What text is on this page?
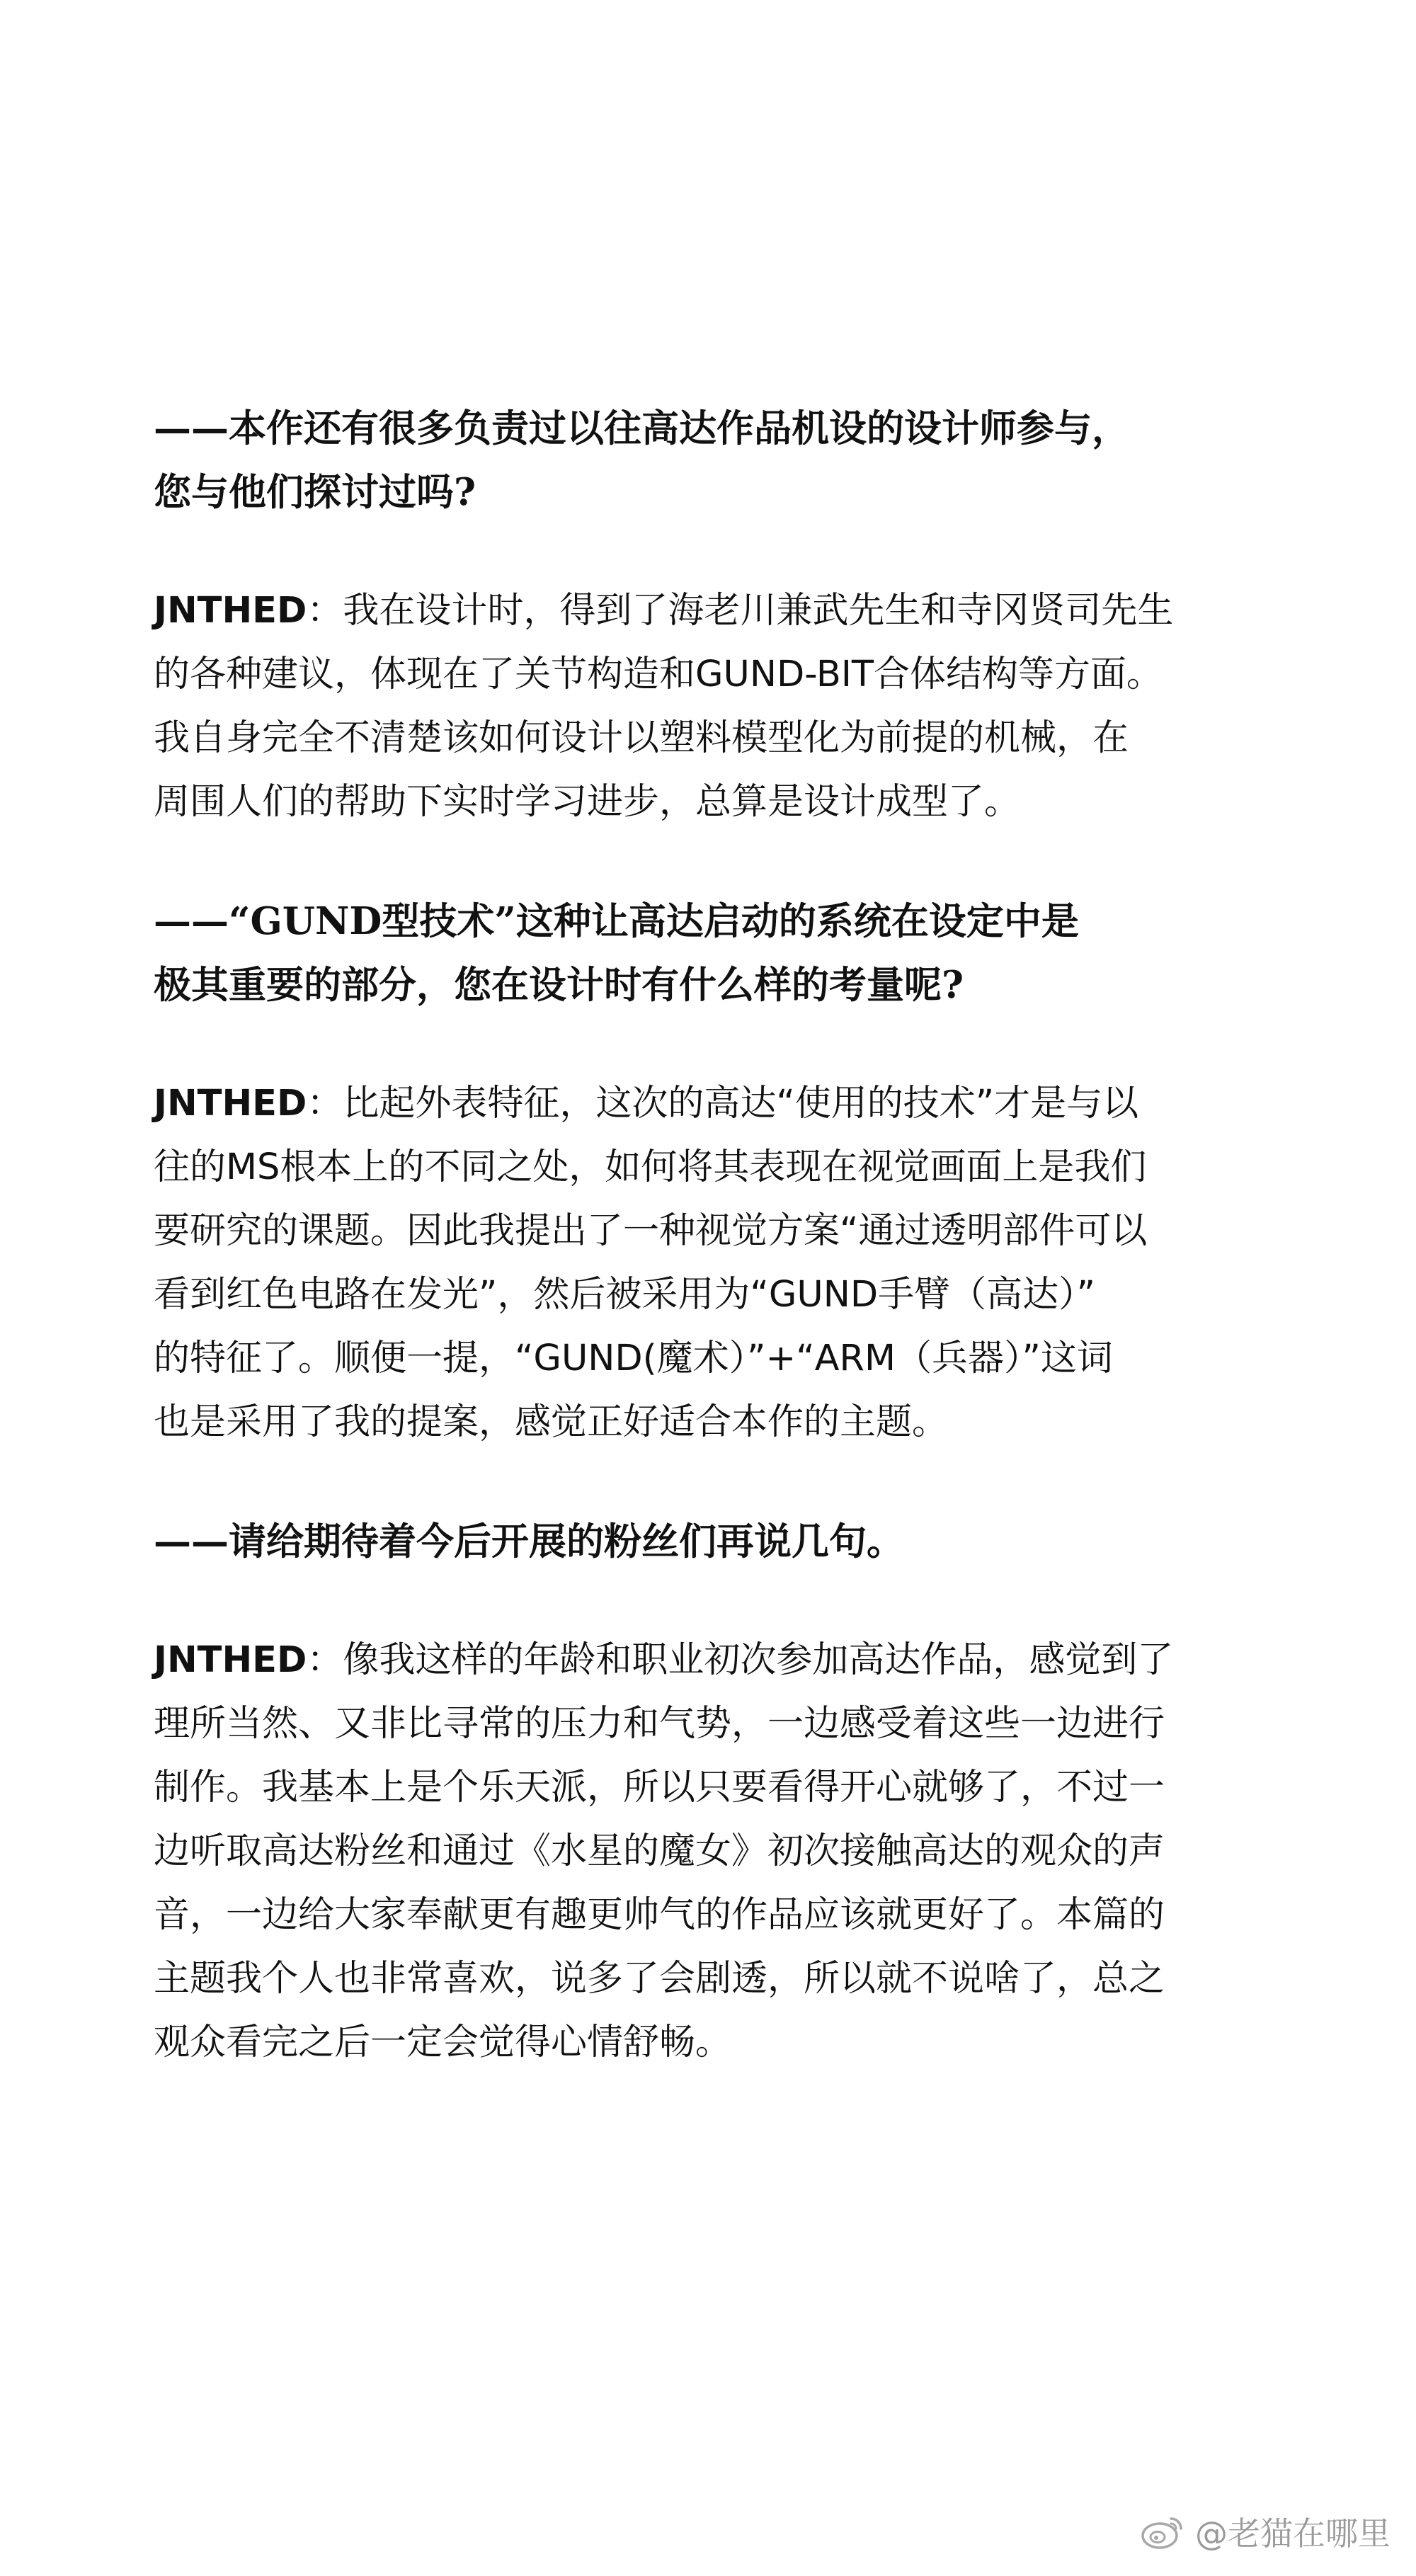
——本作还有很多负责过以往高达作品机设的设计师参与，
您与他们探讨过吗?

JNTHED：我在设计时，得到了海老川兼武先生和寺冈贤司先生
的各种建议，体现在了关节构造和GUND-BIT合体结构等方面。
我自身完全不清楚该如何设计以塑料模型化为前提的机械，在
周围人们的帮助下实时学习进步，总算是设计成型了。

——“GUND型技术”这种让高达启动的系统在设定中是
极其重要的部分，您在设计时有什么样的考量呢?

JNTHED：比起外表特征，这次的高达“使用的技术”才是与以
往的MS根本上的不同之处，如何将其表现在视觉画面上是我们
要研究的课题。因此我提出了一种视觉方案“通过透明部件可以
看到红色电路在发光”，然后被采用为“GUND手臂（高达）”
的特征了。顺便一提，“GUND(魔术）”+“ARM（兵器）”这词
也是采用了我的提案，感觉正好适合本作的主题。

——请给期待着今后开展的粉丝们再说几句。

JNTHED：像我这样的年龄和职业初次参加高达作品，感觉到了
理所当然、又非比寻常的压力和气势，一边感受着这些一边进行
制作。我基本上是个乐天派，所以只要看得开心就够了，不过一
边听取高达粉丝和通过《水星的魔女》初次接触高达的观众的声
音，一边给大家奉献更有趣更帅气的作品应该就更好了。本篇的
主题我个人也非常喜欢，说多了会剧透，所以就不说啥了，总之
观众看完之后一定会觉得心情舒畅。

@老猫在哪里
